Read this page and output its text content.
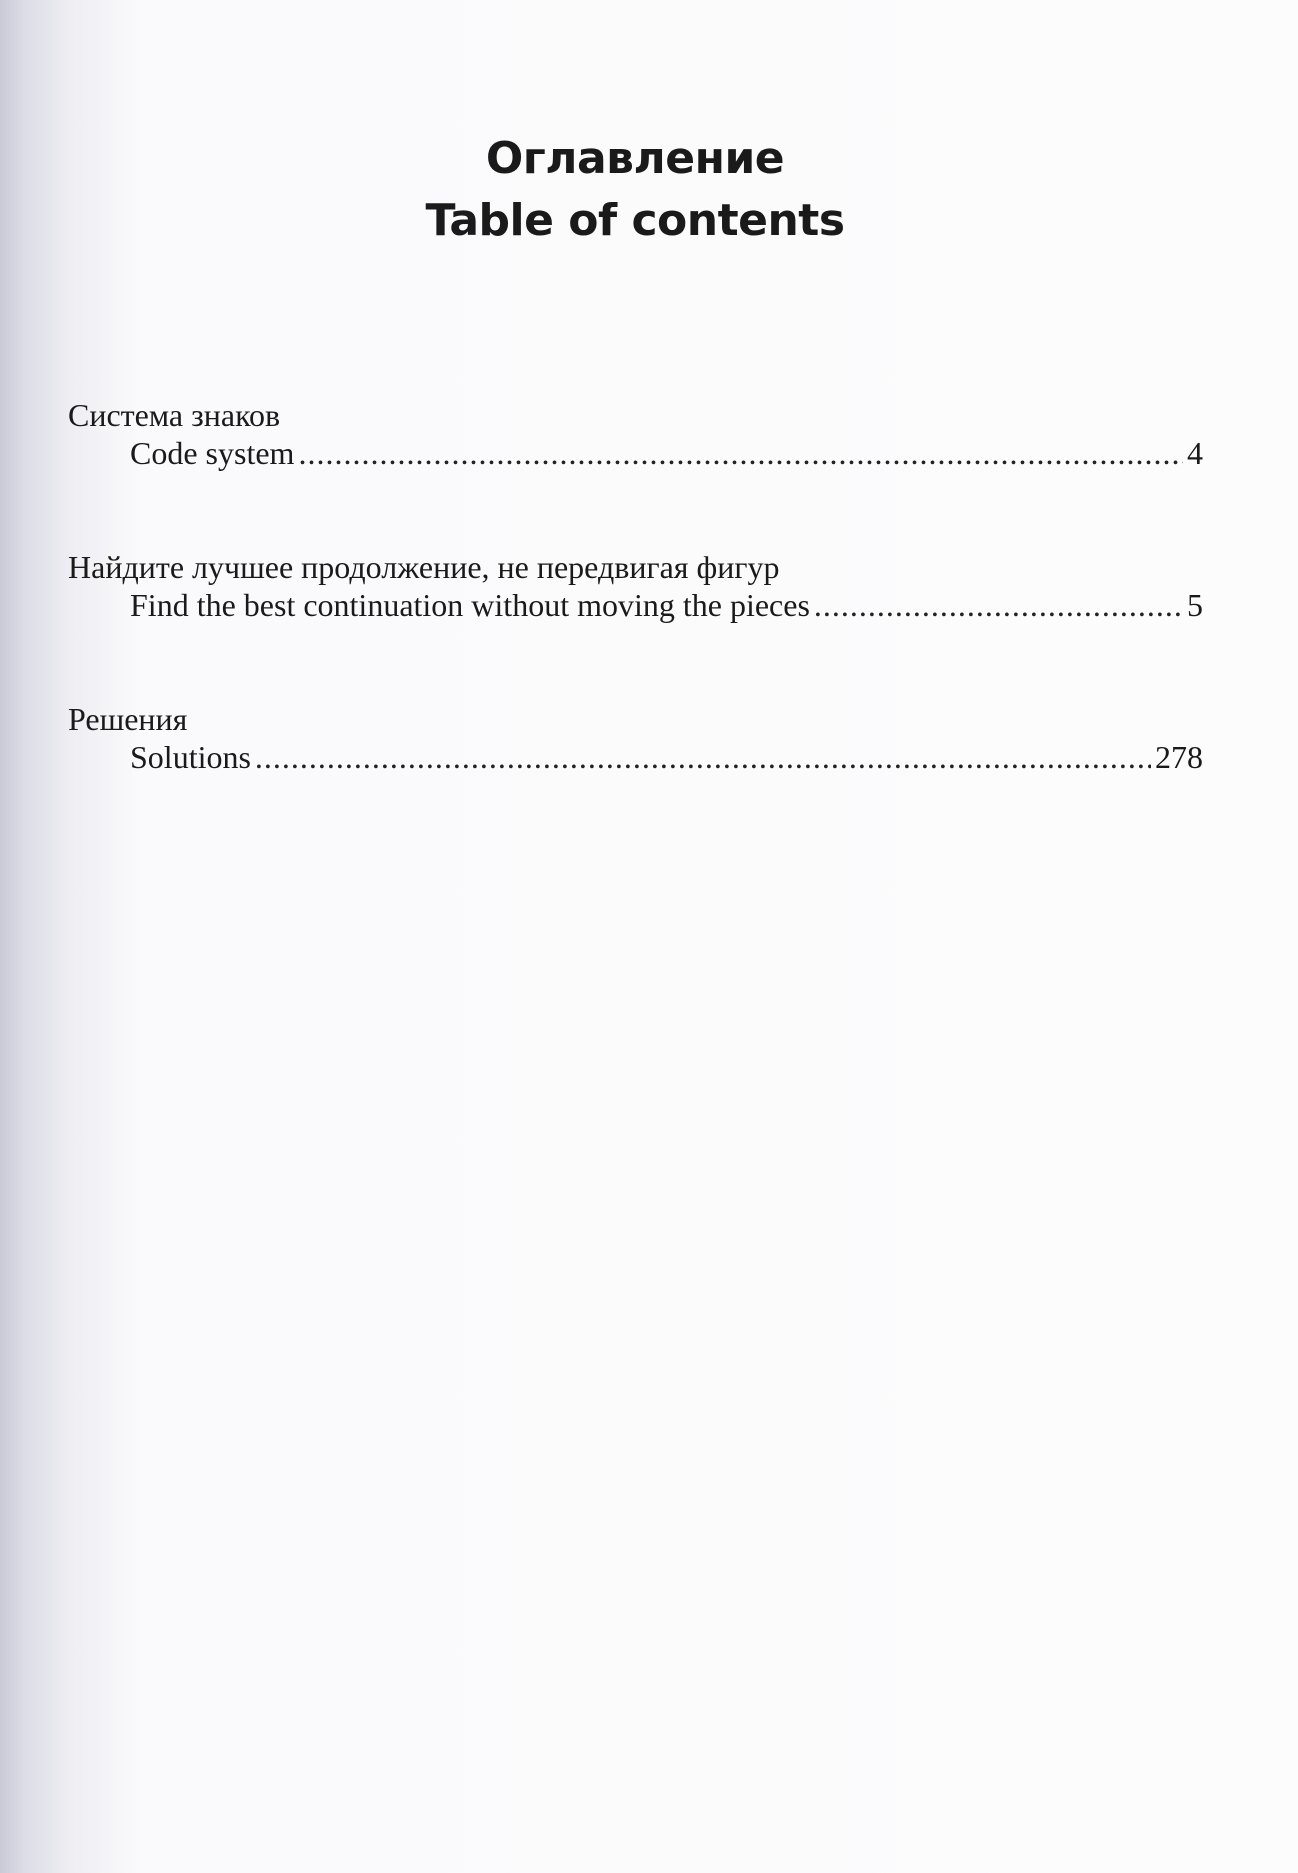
Оглавление
Table of contents
Система знаков
Code system .....	4
Найдите лучшее продолжение, не передвигая фигур
Find the best continuation without moving the pieces .....	5
Решения
Solutions .....	278
